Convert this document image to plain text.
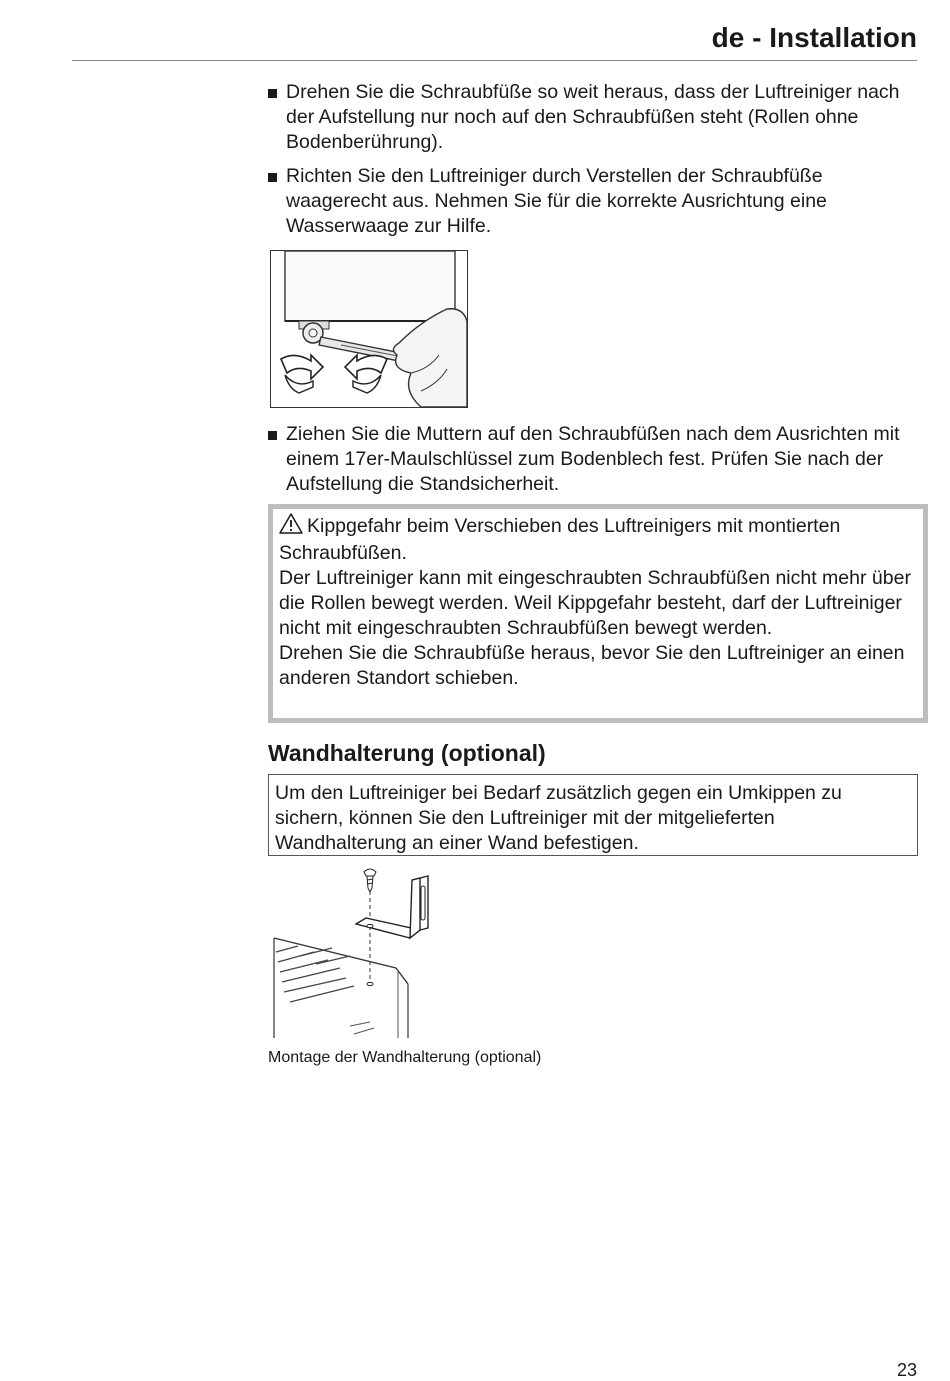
de - Installation
Drehen Sie die Schraubfüße so weit heraus, dass der Luftreiniger nach der Aufstellung nur noch auf den Schraubfüßen steht (Rollen ohne Bodenberührung).
Richten Sie den Luftreiniger durch Verstellen der Schraubfüße waagerecht aus. Nehmen Sie für die korrekte Ausrichtung eine Wasserwaage zur Hilfe.
Ziehen Sie die Muttern auf den Schraubfüßen nach dem Ausrichten mit einem 17er-Maulschlüssel zum Bodenblech fest. Prüfen Sie nach der Aufstellung die Standsicherheit.

Kippgefahr beim Verschieben des Luftreinigers mit montierten Schraubfüßen.

Der Luftreiniger kann mit eingeschraubten Schraubfüßen nicht mehr über die Rollen bewegt werden. Weil Kippgefahr besteht, darf der Luftreiniger nicht mit eingeschraubten Schraubfüßen bewegt werden.

Drehen Sie die Schraubfüße heraus, bevor Sie den Luftreiniger an einen anderen Standort schieben.

Wandhalterung (optional)
Um den Luftreiniger bei Bedarf zusätzlich gegen ein Umkippen zu sichern, können Sie den Luftreiniger mit der mitgelieferten Wandhalterung an einer Wand befestigen.
Montage der Wandhalterung (optional)
23
